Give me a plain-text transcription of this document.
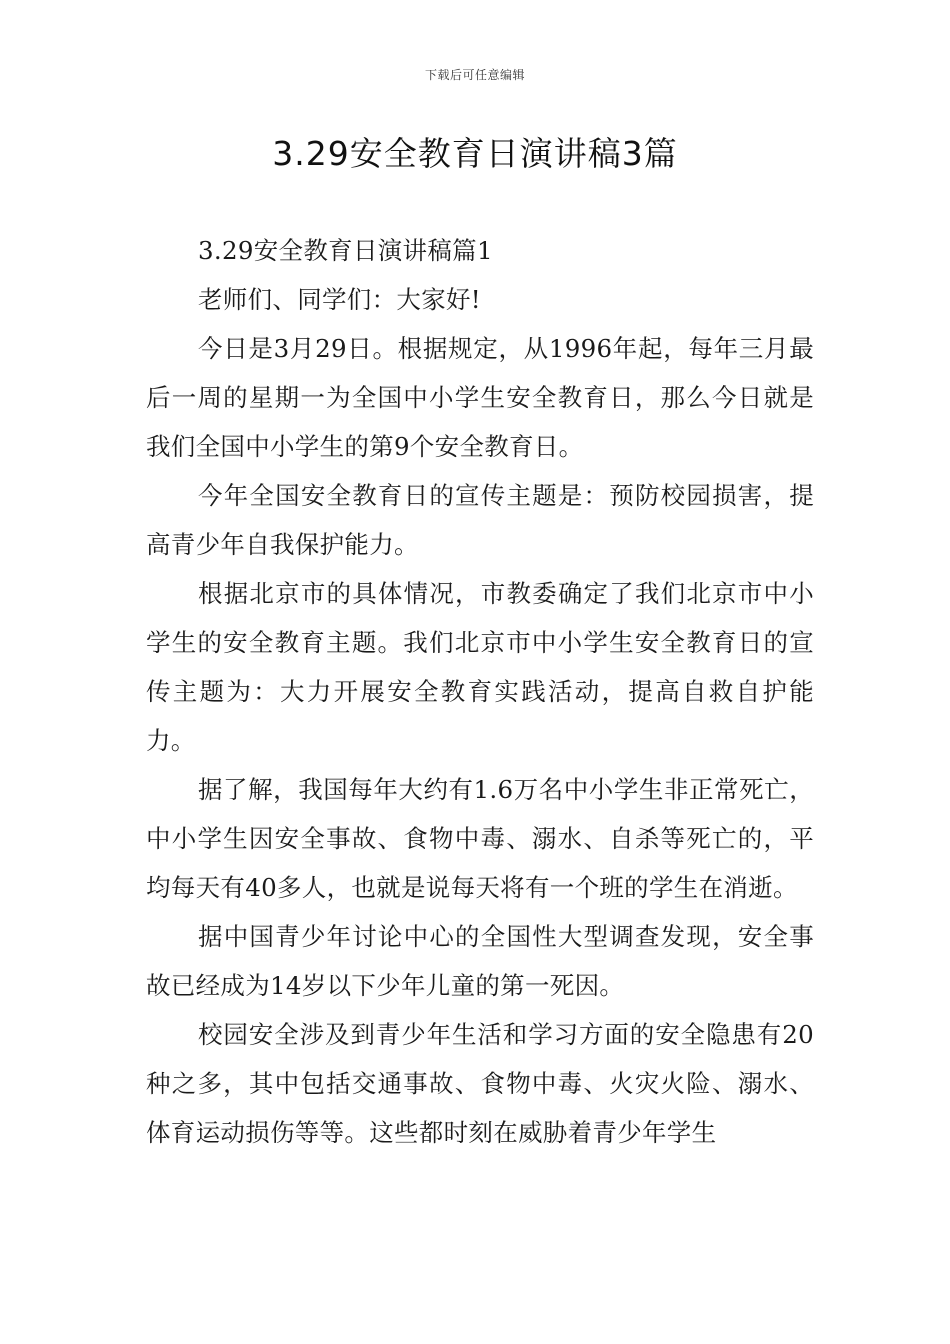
下载后可任意编辑
3.29安全教育日演讲稿3篇

3.29安全教育日演讲稿篇1

老师们、同学们：大家好!

今日是3月29日。根据规定，从1996年起，每年三月最后一周的星期一为全国中小学生安全教育日，那么今日就是我们全国中小学生的第9个安全教育日。

今年全国安全教育日的宣传主题是：预防校园损害，提高青少年自我保护能力。

根据北京市的具体情况，市教委确定了我们北京市中小学生的安全教育主题。我们北京市中小学生安全教育日的宣传主题为：大力开展安全教育实践活动，提高自救自护能力。

据了解，我国每年大约有1.6万名中小学生非正常死亡，中小学生因安全事故、食物中毒、溺水、自杀等死亡的，平均每天有40多人，也就是说每天将有一个班的学生在消逝。

据中国青少年讨论中心的全国性大型调查发现，安全事故已经成为14岁以下少年儿童的第一死因。

校园安全涉及到青少年生活和学习方面的安全隐患有20种之多，其中包括交通事故、食物中毒、火灾火险、溺水、体育运动损伤等等。这些都时刻在威胁着青少年学生
